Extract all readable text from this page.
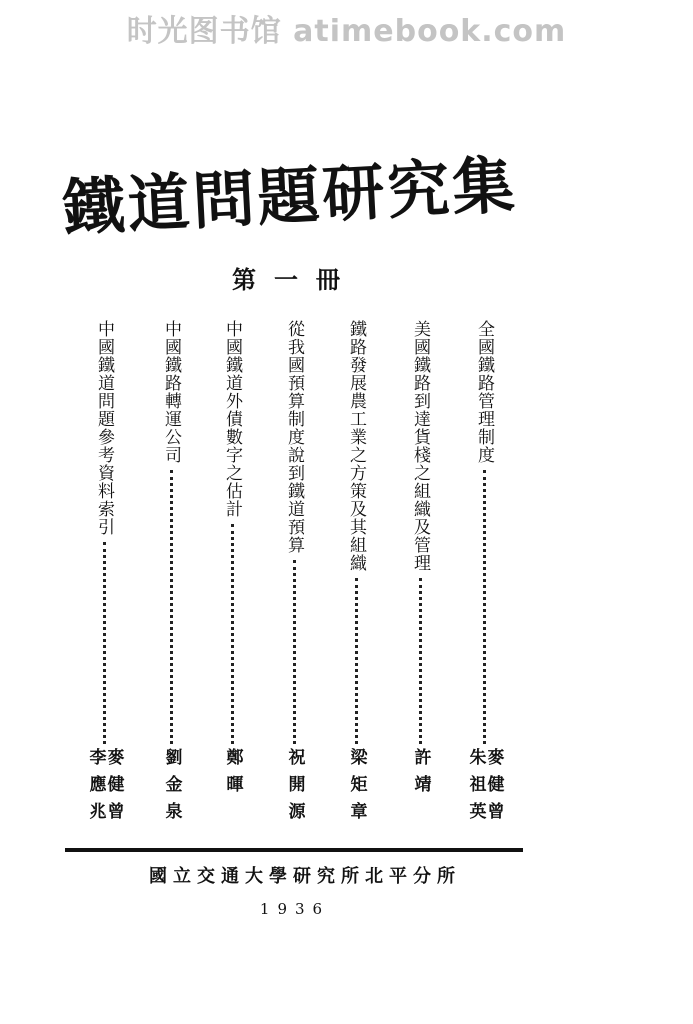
时光图书馆 atimebook.com
鐵道問題研究集
第一冊
全國鐵路管理制度
麥健曾
朱祖英
美國鐵路到達貨棧之組織及管理
許靖
鐵路發展農工業之方策及其組織
梁矩章
從我國預算制度說到鐵道預算
祝開源
中國鐵道外債數字之估計
鄭暉
中國鐵路轉運公司
劉金泉
中國鐵道問題參考資料索引
麥健曾
李應兆
國立交通大學研究所北平分所
1936
